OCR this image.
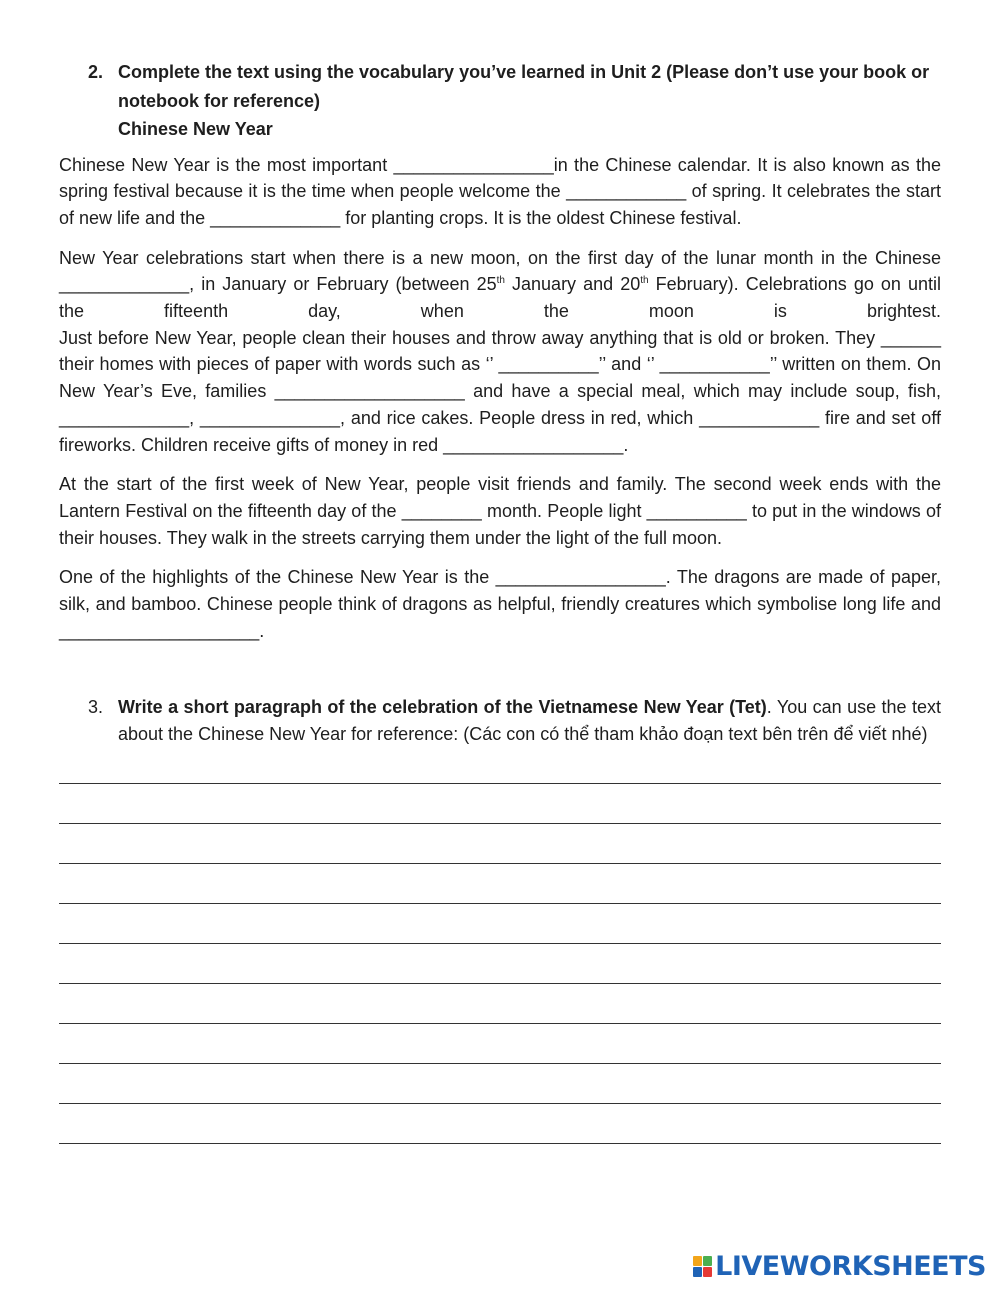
2. Complete the text using the vocabulary you’ve learned in Unit 2 (Please don’t use your book or notebook for reference)
Chinese New Year

Chinese New Year is the most important ________________in the Chinese calendar. It is also known as the spring festival because it is the time when people welcome the ____________ of spring. It celebrates the start of new life and the _____________ for planting crops. It is the oldest Chinese festival.

New Year celebrations start when there is a new moon, on the first day of the lunar month in the Chinese _____________, in January or February (between 25th January and 20th February). Celebrations go on until the fifteenth day, when the moon is brightest.
Just before New Year, people clean their houses and throw away anything that is old or broken. They ______ their homes with pieces of paper with words such as ‘’ __________’’ and ‘’ ___________’’ written on them. On New Year’s Eve, families ___________________ and have a special meal, which may include soup, fish, _____________, ______________, and rice cakes. People dress in red, which ____________ fire and set off fireworks. Children receive gifts of money in red __________________.

At the start of the first week of New Year, people visit friends and family. The second week ends with the Lantern Festival on the fifteenth day of the ________ month. People light __________ to put in the windows of their houses. They walk in the streets carrying them under the light of the full moon.

One of the highlights of the Chinese New Year is the _________________. The dragons are made of paper, silk, and bamboo. Chinese people think of dragons as helpful, friendly creatures which symbolise long life and ____________________.

3. Write a short paragraph of the celebration of the Vietnamese New Year (Tet). You can use the text about the Chinese New Year for reference: (Các con có thể tham khảo đoạn text bên trên để viết nhé)
LIVEWORKSHEETS
